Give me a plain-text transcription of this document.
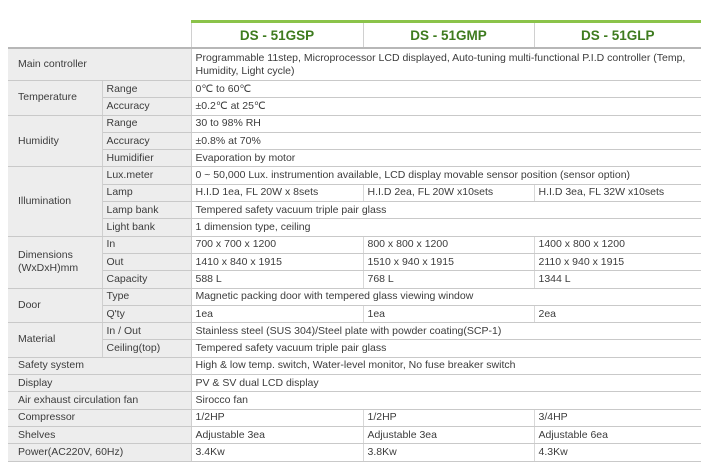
		DS - 51GSP	DS - 51GMP	DS - 51GLP
Main controller		Programmable 11step, Microprocessor LCD displayed, Auto-tuning multi-functional P.I.D controller (Temp, Humidity, Light cycle)		
Temperature	Range	0℃ to 60℃		
	Accuracy	±0.2℃ at 25℃		
Humidity	Range	30 to 98% RH		
	Accuracy	±0.8% at 70%		
	Humidifier	Evaporation by motor		
Illumination	Lux.meter	0 ~ 50,000 Lux. instrumention available, LCD display movable sensor position (sensor option)		
	Lamp	H.I.D 1ea, FL 20W x 8sets	H.I.D 2ea, FL 20W x10sets	H.I.D 3ea, FL 32W x10sets
	Lamp bank	Tempered safety vacuum triple pair glass		
	Light bank	1 dimension type, ceiling		
Dimensions (WxDxH)mm	In	700 x 700 x 1200	800 x 800 x 1200	1400 x 800 x 1200
	Out	1410 x 840 x 1915	1510 x 940 x 1915	2110 x 940 x 1915
	Capacity	588 L	768 L	1344 L
Door	Type	Magnetic packing door with tempered glass viewing window		
	Q'ty	1ea	1ea	2ea
Material	In / Out	Stainless steel (SUS 304)/Steel plate with powder coating(SCP-1)		
	Ceiling(top)	Tempered safety vacuum triple pair glass		
Safety system		High & low temp. switch, Water-level monitor, No fuse breaker switch		
Display		PV & SV dual LCD display		
Air exhaust circulation fan		Sirocco fan		
Compressor		1/2HP	1/2HP	3/4HP
Shelves		Adjustable 3ea	Adjustable 3ea	Adjustable 6ea
Power(AC220V, 60Hz)		3.4Kw	3.8Kw	4.3Kw
